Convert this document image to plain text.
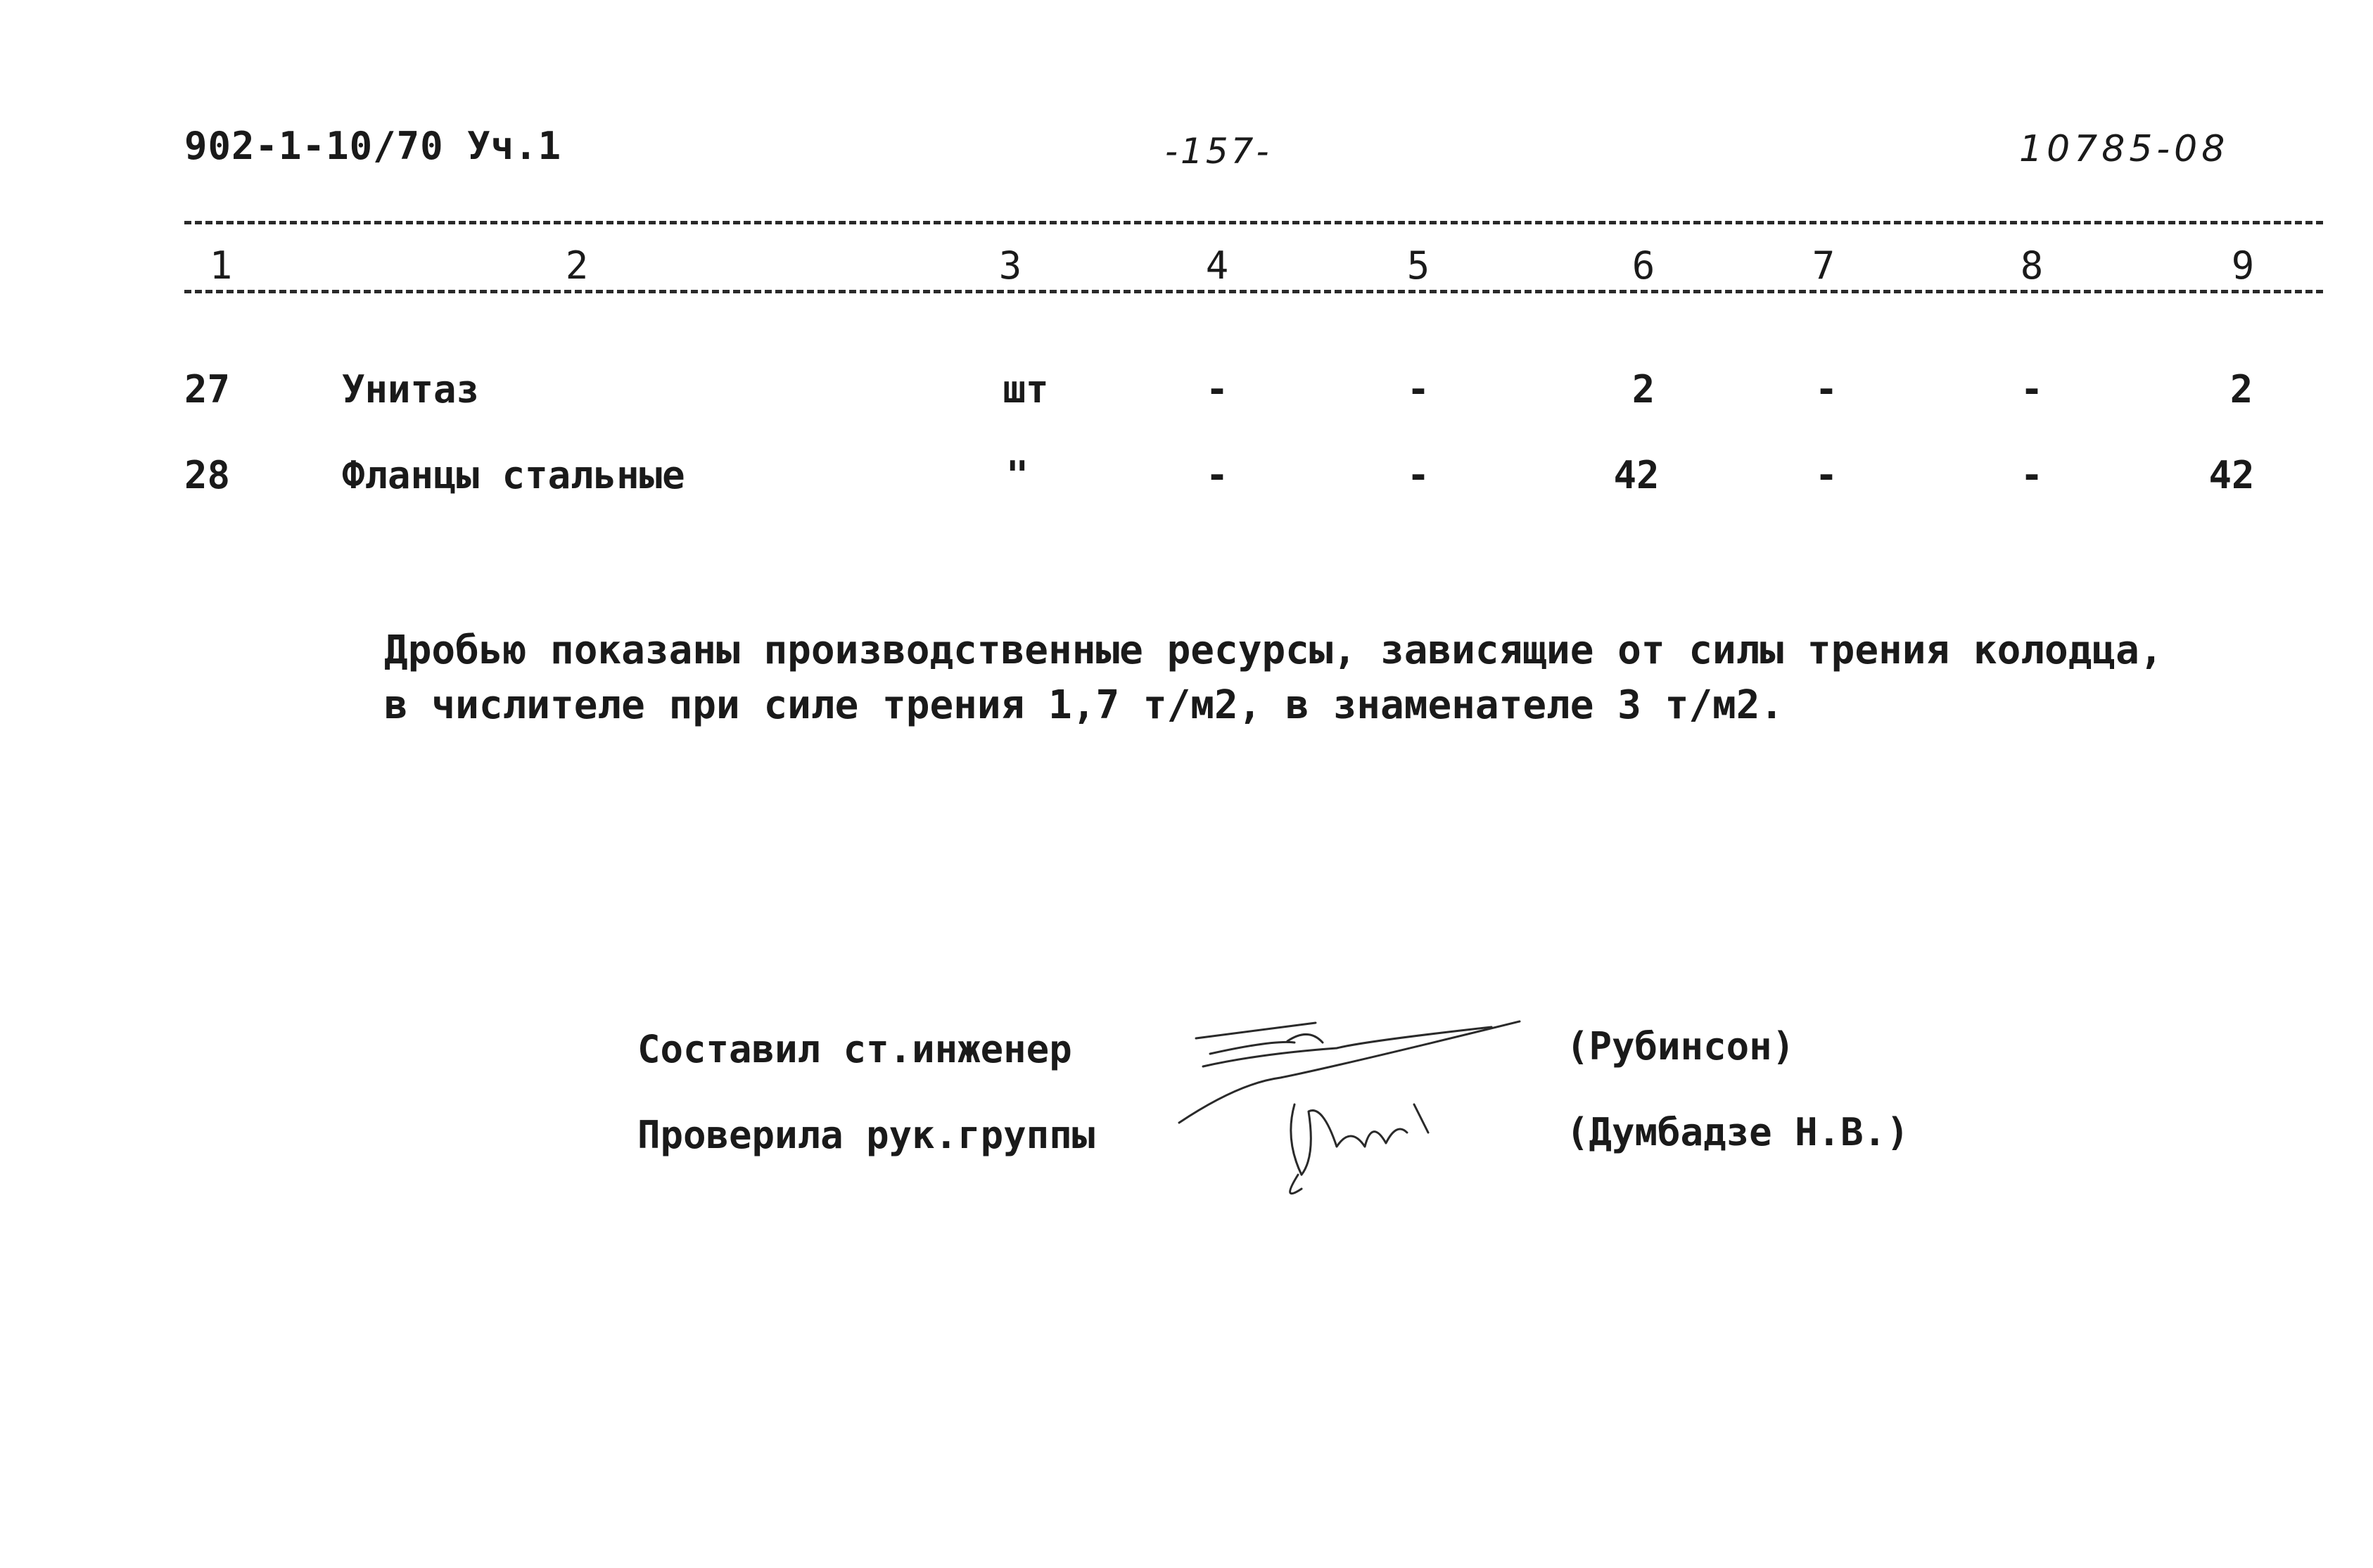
902-1-10/70 Уч.1	-157-	10785-08
1	2	3	4	5	6	7	8	9
27	Унитаз	шт	-	-	2	-	-	2
28	Фланцы стальные	"	-	-	42	-	-	42
Дробью показаны производственные ресурсы, зависящие от силы трения колодца,
в числителе при силе трения 1,7 т/м2, в знаменателе 3 т/м2.
Составил ст.инженер	(Рубинсон)
Проверила рук.группы	(Думбадзе Н.В.)
